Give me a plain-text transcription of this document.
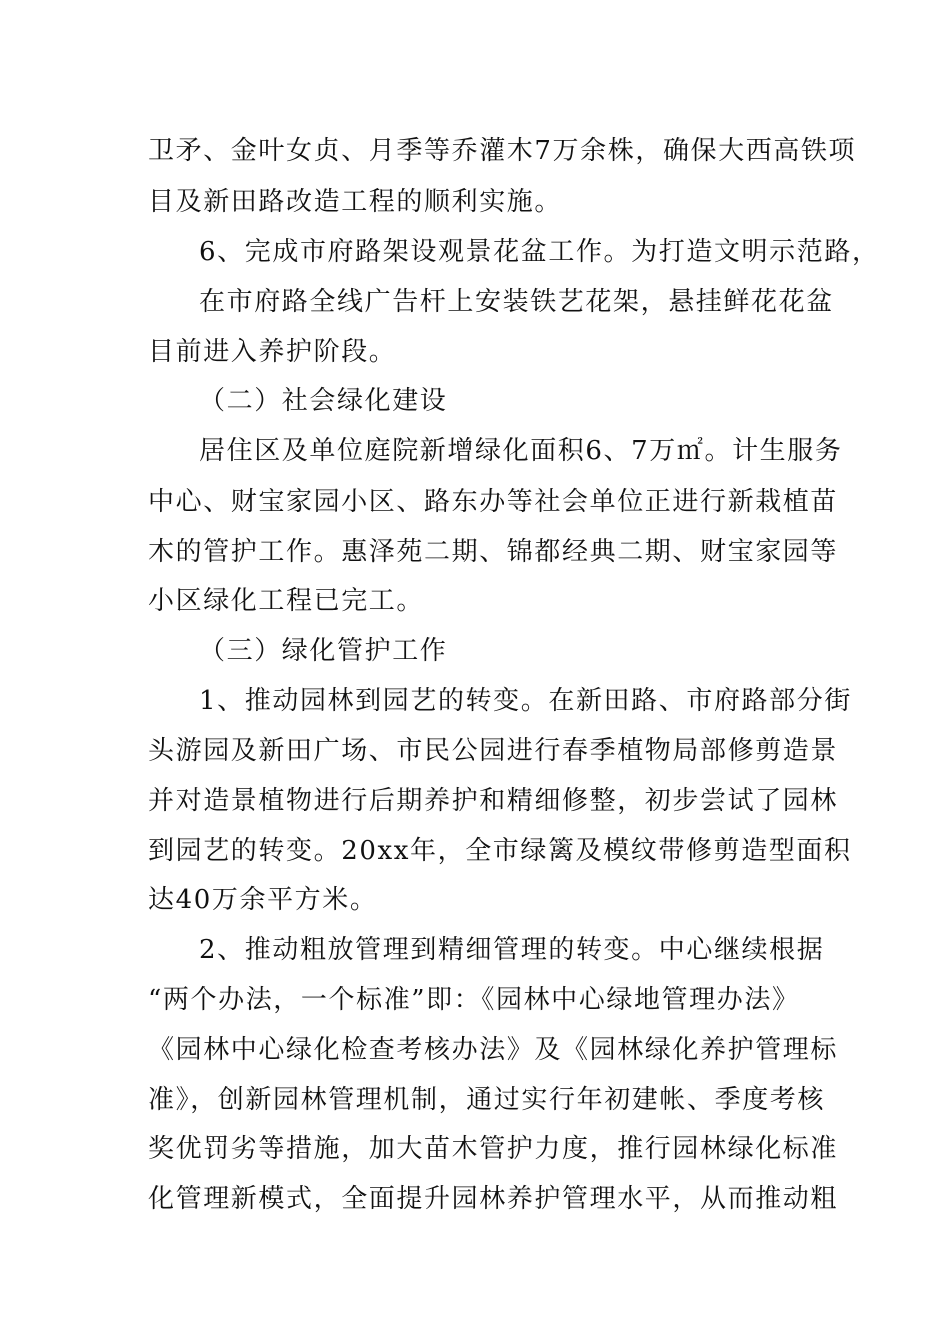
卫矛、金叶女贞、月季等乔灌木7万余株，确保大西高铁项
目及新田路改造工程的顺利实施。
6、完成市府路架设观景花盆工作。为打造文明示范路，
在市府路全线广告杆上安装铁艺花架，悬挂鲜花花盆
目前进入养护阶段。
（二）社会绿化建设
居住区及单位庭院新增绿化面积6、7万㎡。计生服务
中心、财宝家园小区、路东办等社会单位正进行新栽植苗
木的管护工作。惠泽苑二期、锦都经典二期、财宝家园等
小区绿化工程已完工。
（三）绿化管护工作
1、推动园林到园艺的转变。在新田路、市府路部分街
头游园及新田广场、市民公园进行春季植物局部修剪造景
并对造景植物进行后期养护和精细修整，初步尝试了园林
到园艺的转变。20xx年，全市绿篱及模纹带修剪造型面积
达40万余平方米。
2、推动粗放管理到精细管理的转变。中心继续根据
“两个办法，一个标准”即：《园林中心绿地管理办法》
《园林中心绿化检查考核办法》及《园林绿化养护管理标
准》，创新园林管理机制，通过实行年初建帐、季度考核
奖优罚劣等措施，加大苗木管护力度，推行园林绿化标准
化管理新模式，全面提升园林养护管理水平，从而推动粗
